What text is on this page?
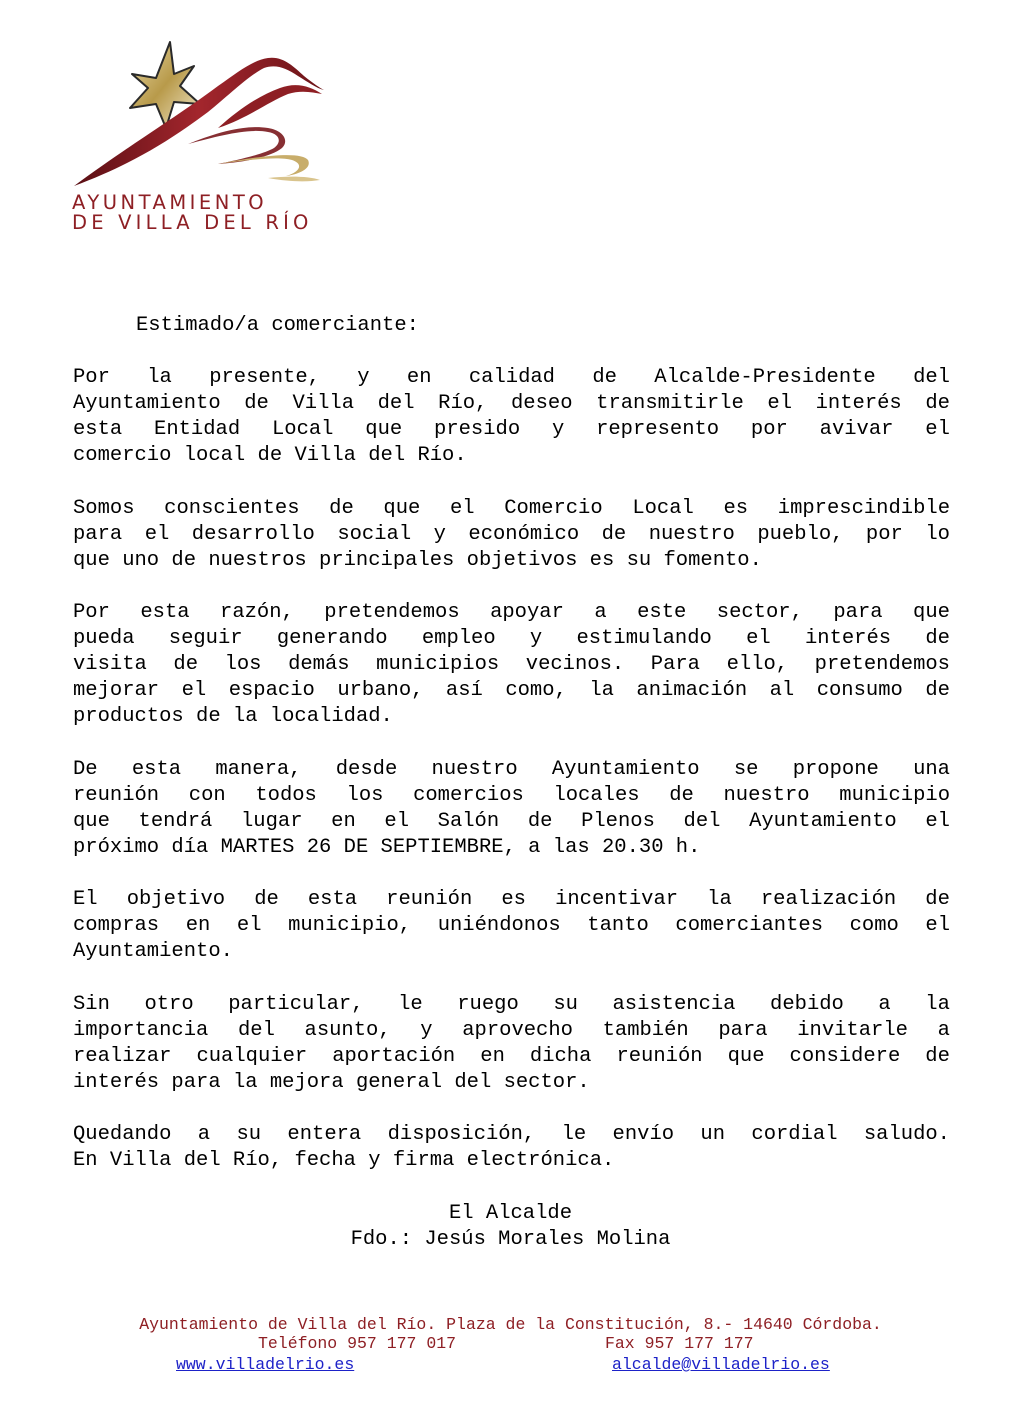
AYUNTAMIENTO
DE VILLA DEL RÍO
Estimado/a comerciante:
Por la presente, y en calidad de Alcalde-Presidente del
Ayuntamiento de Villa del Río, deseo transmitirle el interés de
esta Entidad Local que presido y represento por avivar el
comercio local de Villa del Río.
Somos conscientes de que el Comercio Local es imprescindible
para el desarrollo social y económico de nuestro pueblo, por lo
que uno de nuestros principales objetivos es su fomento.
Por esta razón, pretendemos apoyar a este sector, para que
pueda seguir generando empleo y estimulando el interés de
visita de los demás municipios vecinos. Para ello, pretendemos
mejorar el espacio urbano, así como, la animación al consumo de
productos de la localidad.
De esta manera, desde nuestro Ayuntamiento se propone una
reunión con todos los comercios locales de nuestro municipio
que tendrá lugar en el Salón de Plenos del Ayuntamiento el
próximo día MARTES 26 DE SEPTIEMBRE, a las 20.30 h.
El objetivo de esta reunión es incentivar la realización de
compras en el municipio, uniéndonos tanto comerciantes como el
Ayuntamiento.
Sin otro particular, le ruego su asistencia debido a la
importancia del asunto, y aprovecho también para invitarle a
realizar cualquier aportación en dicha reunión que considere de
interés para la mejora general del sector.
Quedando a su entera disposición, le envío un cordial saludo.
En Villa del Río, fecha y firma electrónica.
El Alcalde
Fdo.: Jesús Morales Molina
Ayuntamiento de Villa del Río. Plaza de la Constitución, 8.- 14640 Córdoba.
Teléfono 957 177 017	Fax 957 177 177
www.villadelrio.es	alcalde@villadelrio.es
